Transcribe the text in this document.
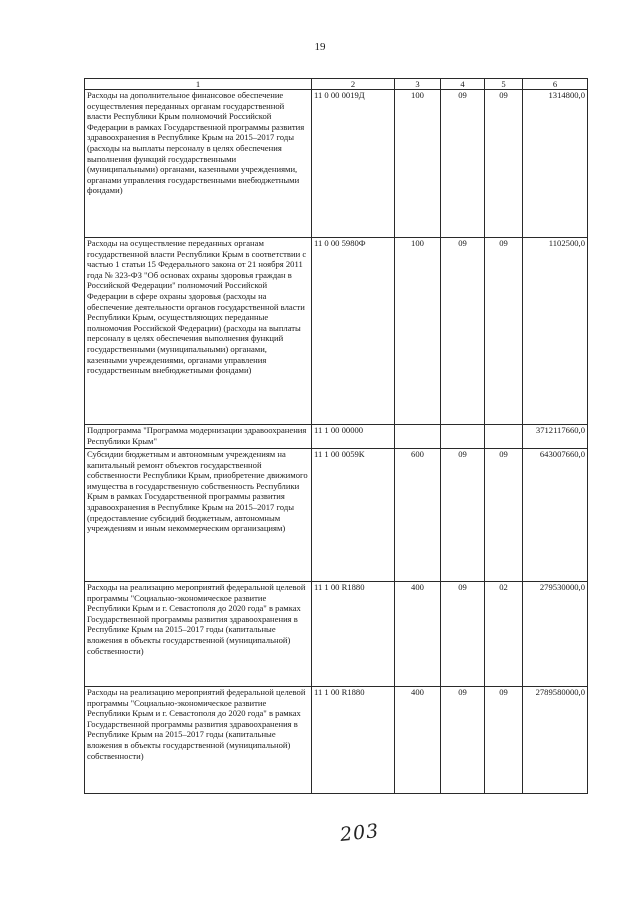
19
1	2	3	4	5	6
Расходы на дополнительное финансовое обеспечение осуществления переданных органам государственной власти Республики Крым полномочий Российской Федерации в рамках Государственной программы развития здравоохранения в Республике Крым на 2015–2017 годы (расходы на выплаты персоналу в целях обеспечения выполнения функций государственными (муниципальными) органами, казенными учреждениями, органами управления государственными внебюджетными фондами)	11 0 00 0019Д	100	09	09	1314800,0
Расходы на осуществление переданных органам государственной власти Республики Крым в соответствии с частью 1 статьи 15 Федерального закона от 21 ноября 2011 года № 323-ФЗ "Об основах охраны здоровья граждан в Российской Федерации" полномочий Российской Федерации в сфере охраны здоровья (расходы на обеспечение деятельности органов государственной власти Республики Крым, осуществляющих переданные полномочия Российской Федерации) (расходы на выплаты персоналу в целях обеспечения выполнения функций государственными (муниципальными) органами, казенными учреждениями, органами управления государственным внебюджетными фондами)	11 0 00 5980Ф	100	09	09	1102500,0
Подпрограмма "Программа модернизации здравоохранения Республики Крым"	11 1 00 00000				3712117660,0
Субсидии бюджетным и автономным учреждениям на капитальный ремонт объектов государственной собственности Республики Крым, приобретение движимого имущества в государственную собственность Республики Крым в рамках Государственной программы развития здравоохранения в Республике Крым на 2015–2017 годы (предоставление субсидий бюджетным, автономным учреждениям и иным некоммерческим организациям)	11 1 00 0059К	600	09	09	643007660,0
Расходы на реализацию мероприятий федеральной целевой программы "Социально-экономическое развитие Республики Крым и г. Севастополя до 2020 года" в рамках Государственной программы развития здравоохранения в Республике Крым на 2015–2017 годы (капитальные вложения в объекты государственной (муниципальной) собственности)	11 1 00 R1880	400	09	02	279530000,0
Расходы на реализацию мероприятий федеральной целевой программы "Социально-экономическое развитие Республики Крым и г. Севастополя до 2020 года" в рамках Государственной программы развития здравоохранения в Республике Крым на 2015–2017 годы (капитальные вложения в объекты государственной (муниципальной) собственности)	11 1 00 R1880	400	09	09	2789580000,0
203
